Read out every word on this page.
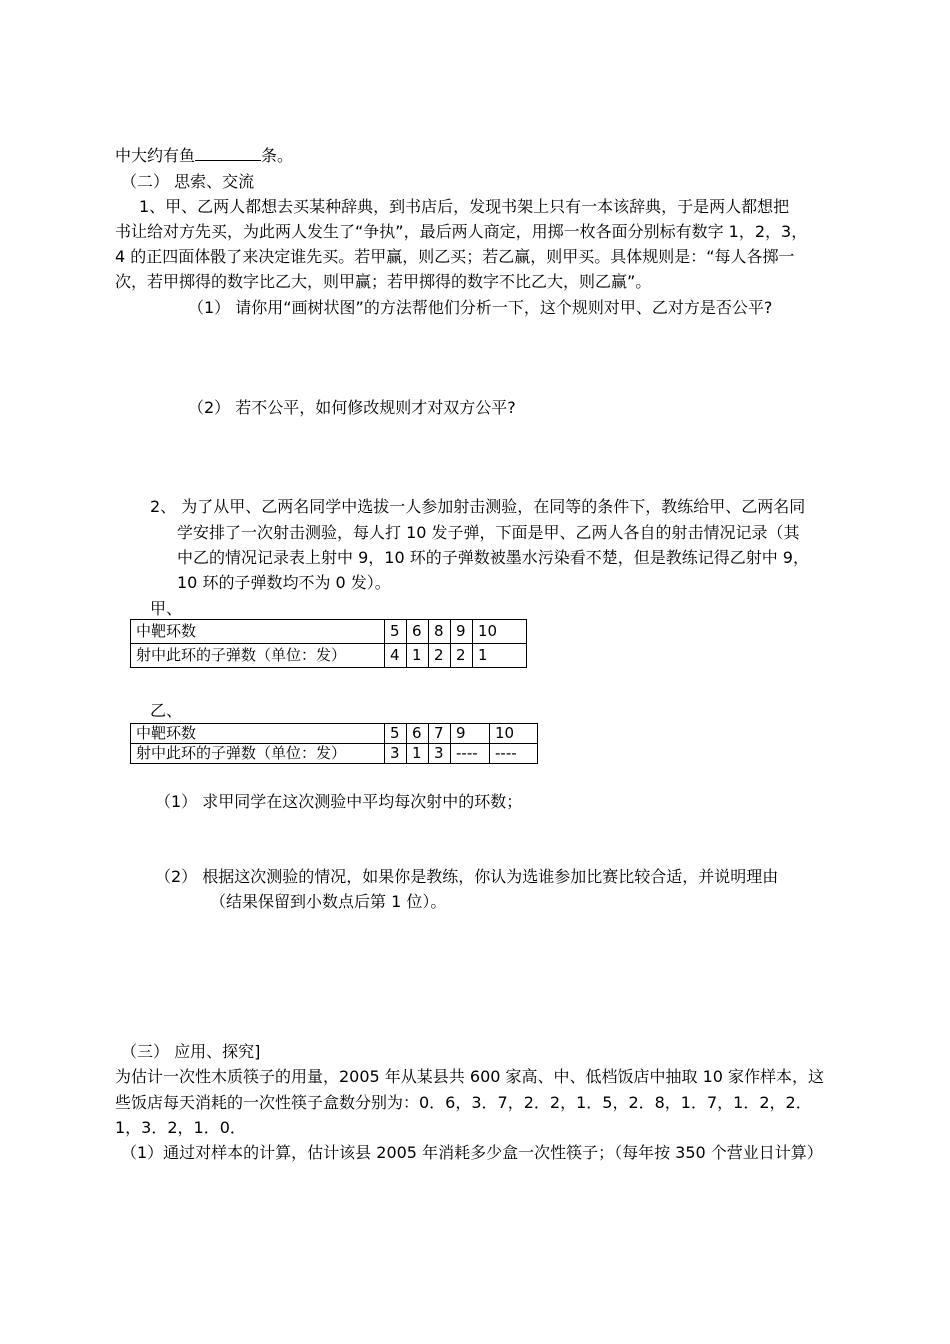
中大约有鱼	条。
（二） 思索、交流
1、甲、乙两人都想去买某种辞典，到书店后，发现书架上只有一本该辞典，于是两人都想把
书让给对方先买，为此两人发生了“争执”，最后两人商定，用掷一枚各面分别标有数字 1，2，3，
4 的正四面体骰了来决定谁先买。若甲赢，则乙买；若乙赢，则甲买。具体规则是：“每人各掷一
次，若甲掷得的数字比乙大，则甲赢；若甲掷得的数字不比乙大，则乙赢”。
（1） 请你用“画树状图”的方法帮他们分析一下，这个规则对甲、乙对方是否公平?
（2） 若不公平，如何修改规则才对双方公平?
2、 为了从甲、乙两名同学中选拔一人参加射击测验，在同等的条件下，教练给甲、乙两名同
学安排了一次射击测验，每人打 10 发子弹，下面是甲、乙两人各自的射击情况记录（其
中乙的情况记录表上射中 9，10 环的子弹数被墨水污染看不楚，但是教练记得乙射中 9，
10 环的子弹数均不为 0 发）。
甲、
中靶环数	5	6	8	9	10
射中此环的子弹数（单位：发）	4	1	2	2	1
乙、
中靶环数	5	6	7	9	10
射中此环的子弹数（单位：发）	3	1	3	----	----
（1） 求甲同学在这次测验中平均每次射中的环数；
（2） 根据这次测验的情况，如果你是教练，你认为选谁参加比赛比较合适，并说明理由
（结果保留到小数点后第 1 位）。
（三） 应用、探究]
为估计一次性木质筷子的用量，2005 年从某县共 600 家高、中、低档饭店中抽取 10 家作样本，这
些饭店每天消耗的一次性筷子盒数分别为：0．6，3．7，2．2，1．5，2．8，1．7，1．2，2．
1，3．2，1．0．
（1）通过对样本的计算，估计该县 2005 年消耗多少盒一次性筷子；（每年按 350 个营业日计算）
